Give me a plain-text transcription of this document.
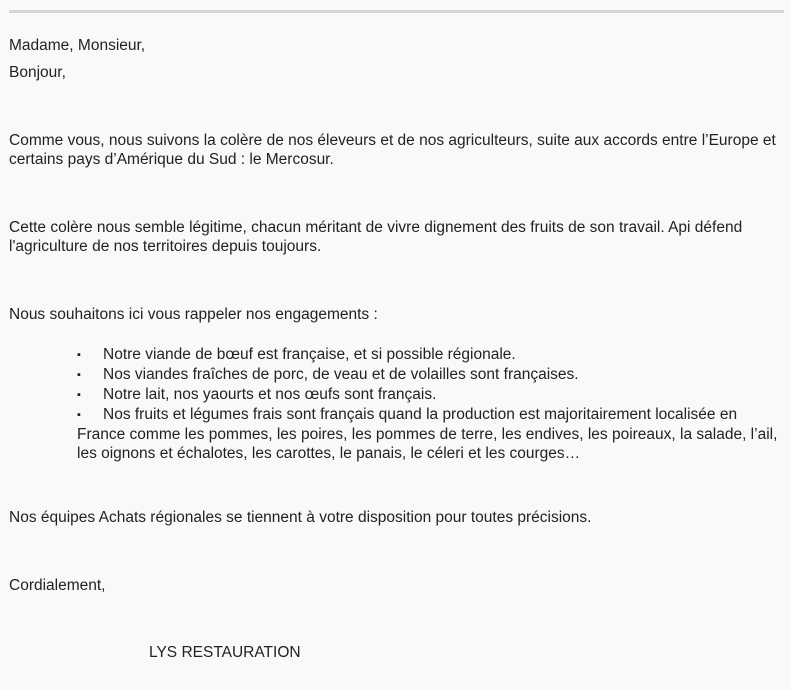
Madame, Monsieur,

Bonjour,

Comme vous, nous suivons la colère de nos éleveurs et de nos agriculteurs, suite aux accords entre l’Europe et certains pays d’Amérique du Sud : le Mercosur.

Cette colère nous semble légitime, chacun méritant de vivre dignement des fruits de son travail. Api défend l'agriculture de nos territoires depuis toujours.

Nous souhaitons ici vous rappeler nos engagements :

▪ Notre viande de bœuf est française, et si possible régionale.
▪ Nos viandes fraîches de porc, de veau et de volailles sont françaises.
▪ Notre lait, nos yaourts et nos œufs sont français.
▪ Nos fruits et légumes frais sont français quand la production est majoritairement localisée en France comme les pommes, les poires, les pommes de terre, les endives, les poireaux, la salade, l’ail, les oignons et échalotes, les carottes, le panais, le céleri et les courges…

Nos équipes Achats régionales se tiennent à votre disposition pour toutes précisions.

Cordialement,

LYS RESTAURATION
